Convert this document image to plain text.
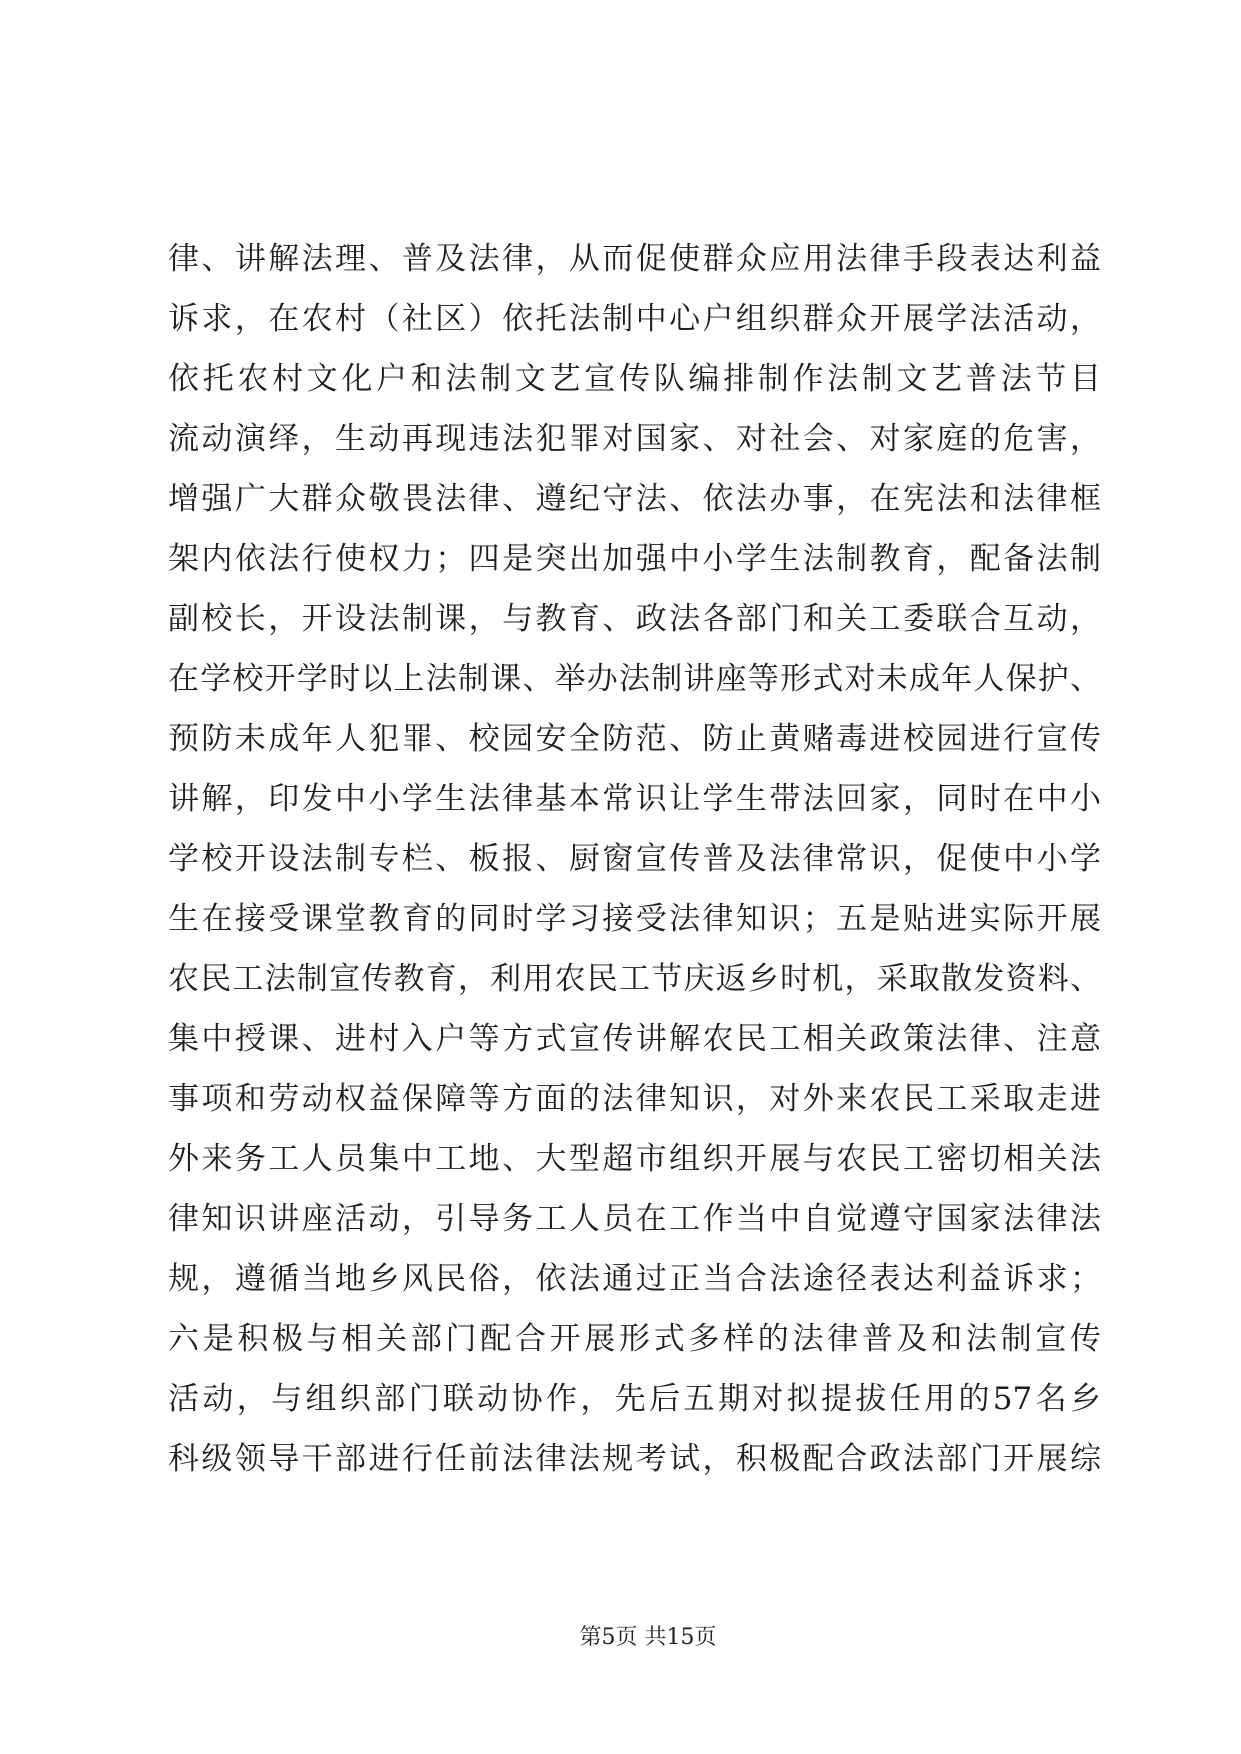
律、讲解法理、普及法律，从而促使群众应用法律手段表达利益
诉求，在农村（社区）依托法制中心户组织群众开展学法活动，
依托农村文化户和法制文艺宣传队编排制作法制文艺普法节目
流动演绎，生动再现违法犯罪对国家、对社会、对家庭的危害，
增强广大群众敬畏法律、遵纪守法、依法办事，在宪法和法律框
架内依法行使权力；四是突出加强中小学生法制教育，配备法制
副校长，开设法制课，与教育、政法各部门和关工委联合互动，
在学校开学时以上法制课、举办法制讲座等形式对未成年人保护、
预防未成年人犯罪、校园安全防范、防止黄赌毒进校园进行宣传
讲解，印发中小学生法律基本常识让学生带法回家，同时在中小
学校开设法制专栏、板报、厨窗宣传普及法律常识，促使中小学
生在接受课堂教育的同时学习接受法律知识；五是贴进实际开展
农民工法制宣传教育，利用农民工节庆返乡时机，采取散发资料、
集中授课、进村入户等方式宣传讲解农民工相关政策法律、注意
事项和劳动权益保障等方面的法律知识，对外来农民工采取走进
外来务工人员集中工地、大型超市组织开展与农民工密切相关法
律知识讲座活动，引导务工人员在工作当中自觉遵守国家法律法
规，遵循当地乡风民俗，依法通过正当合法途径表达利益诉求；
六是积极与相关部门配合开展形式多样的法律普及和法制宣传
活动，与组织部门联动协作，先后五期对拟提拔任用的57名乡
科级领导干部进行任前法律法规考试，积极配合政法部门开展综
第5页 共15页
